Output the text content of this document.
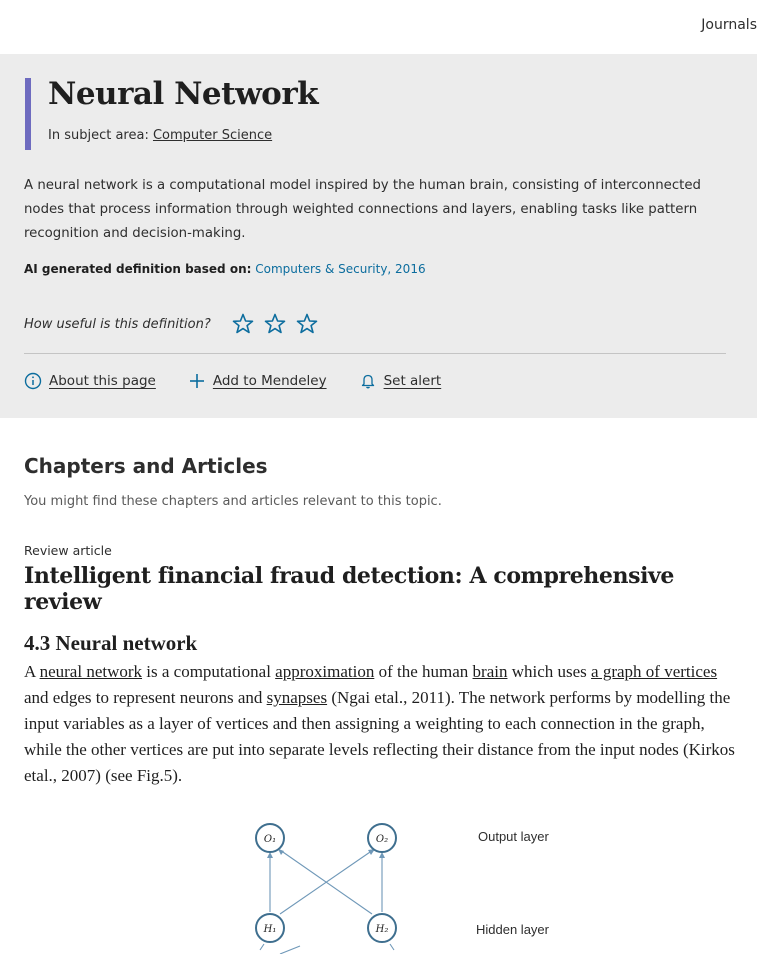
Journals
Neural Network
In subject area: Computer Science

A neural network is a computational model inspired by the human brain, consisting of interconnected nodes that process information through weighted connections and layers, enabling tasks like pattern recognition and decision-making.

AI generated definition based on: Computers & Security, 2016
How useful is this definition?
About this page	Add to Mendeley	Set alert
Chapters and Articles

You might find these chapters and articles relevant to this topic.

Review article
Intelligent financial fraud detection: A comprehensive review
4.3 Neural network

A neural network is a computational approximation of the human brain which uses a graph of vertices and edges to represent neurons and synapses (Ngai etal., 2011). The network performs by modelling the input variables as a layer of vertices and then assigning a weighting to each connection in the graph, while the other vertices are put into separate levels reflecting their distance from the input nodes (Kirkos etal., 2007) (see Fig.5).

O₁	O₂
H₁	H₂
Output layer
Hidden layer
